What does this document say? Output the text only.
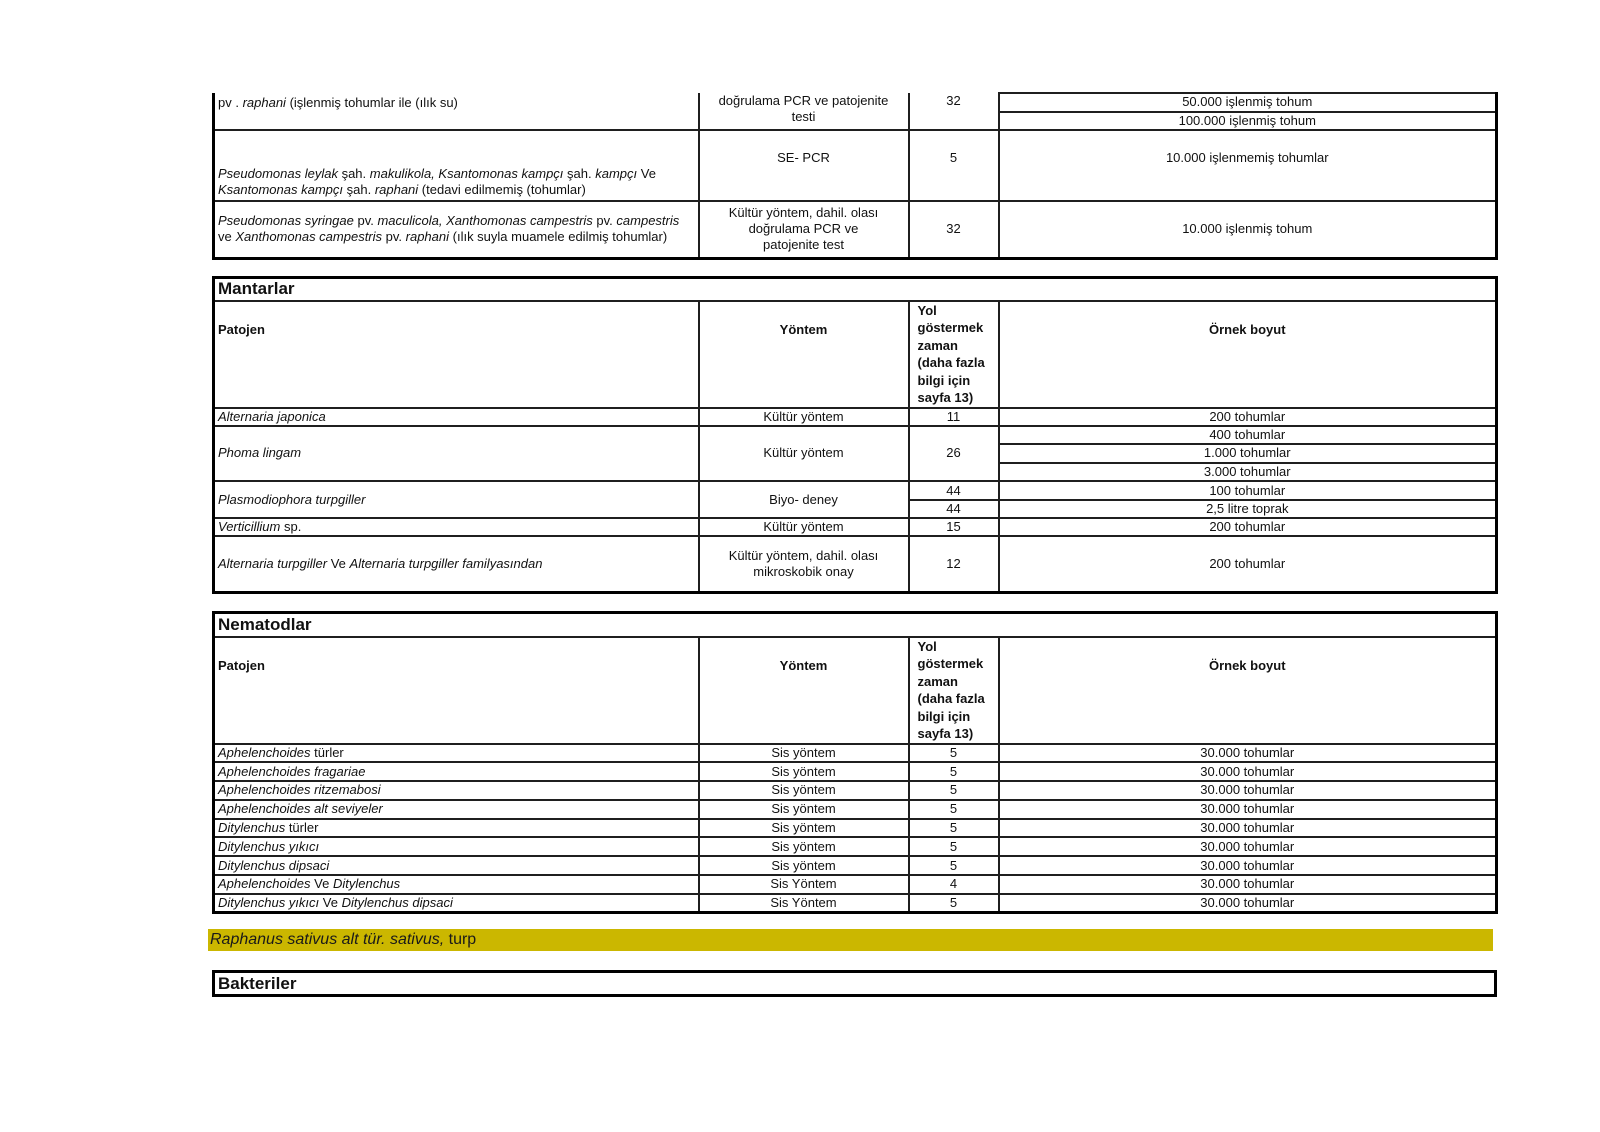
pv . raphani (işlenmiş tohumlar ile (ılık su)	doğrulama PCR ve patojenite
testi	32	50.000 işlenmiş tohum
			100.000 işlenmiş tohum
Pseudomonas leylak şah. makulikola, Ksantomonas kampçı şah. kampçı Ve Ksantomonas kampçı şah. raphani (tedavi edilmemiş (tohumlar)	SE- PCR	5	10.000 işlenmemiş tohumlar
Pseudomonas syringae pv. maculicola, Xanthomonas campestris pv. campestris ve Xanthomonas campestris pv. raphani (ılık suyla muamele edilmiş tohumlar)	Kültür yöntem, dahil. olası
doğrulama PCR ve
patojenite test	32	10.000 işlenmiş tohum
Mantarlar			
Patojen	Yöntem	Yol göstermek zaman (daha fazla bilgi için sayfa 13)	Örnek boyut
Alternaria japonica	Kültür yöntem	11	200 tohumlar
Phoma lingam	Kültür yöntem	26	400 tohumlar
			1.000 tohumlar
			3.000 tohumlar
Plasmodiophora turpgiller	Biyo- deney	44	100 tohumlar
		44	2,5 litre toprak
Verticillium sp.	Kültür yöntem	15	200 tohumlar
Alternaria turpgiller Ve Alternaria turpgiller familyasından	Kültür yöntem, dahil. olası
mikroskobik onay	12	200 tohumlar
Nematodlar			
Patojen	Yöntem	Yol göstermek zaman (daha fazla bilgi için sayfa 13)	Örnek boyut
Aphelenchoides türler	Sis yöntem	5	30.000 tohumlar
Aphelenchoides fragariae	Sis yöntem	5	30.000 tohumlar
Aphelenchoides ritzemabosi	Sis yöntem	5	30.000 tohumlar
Aphelenchoides alt seviyeler	Sis yöntem	5	30.000 tohumlar
Ditylenchus türler	Sis yöntem	5	30.000 tohumlar
Ditylenchus yıkıcı	Sis yöntem	5	30.000 tohumlar
Ditylenchus dipsaci	Sis yöntem	5	30.000 tohumlar
Aphelenchoides Ve Ditylenchus	Sis Yöntem	4	30.000 tohumlar
Ditylenchus yıkıcı Ve Ditylenchus dipsaci	Sis Yöntem	5	30.000 tohumlar
Raphanus sativus alt tür. sativus, turp
Bakteriler
